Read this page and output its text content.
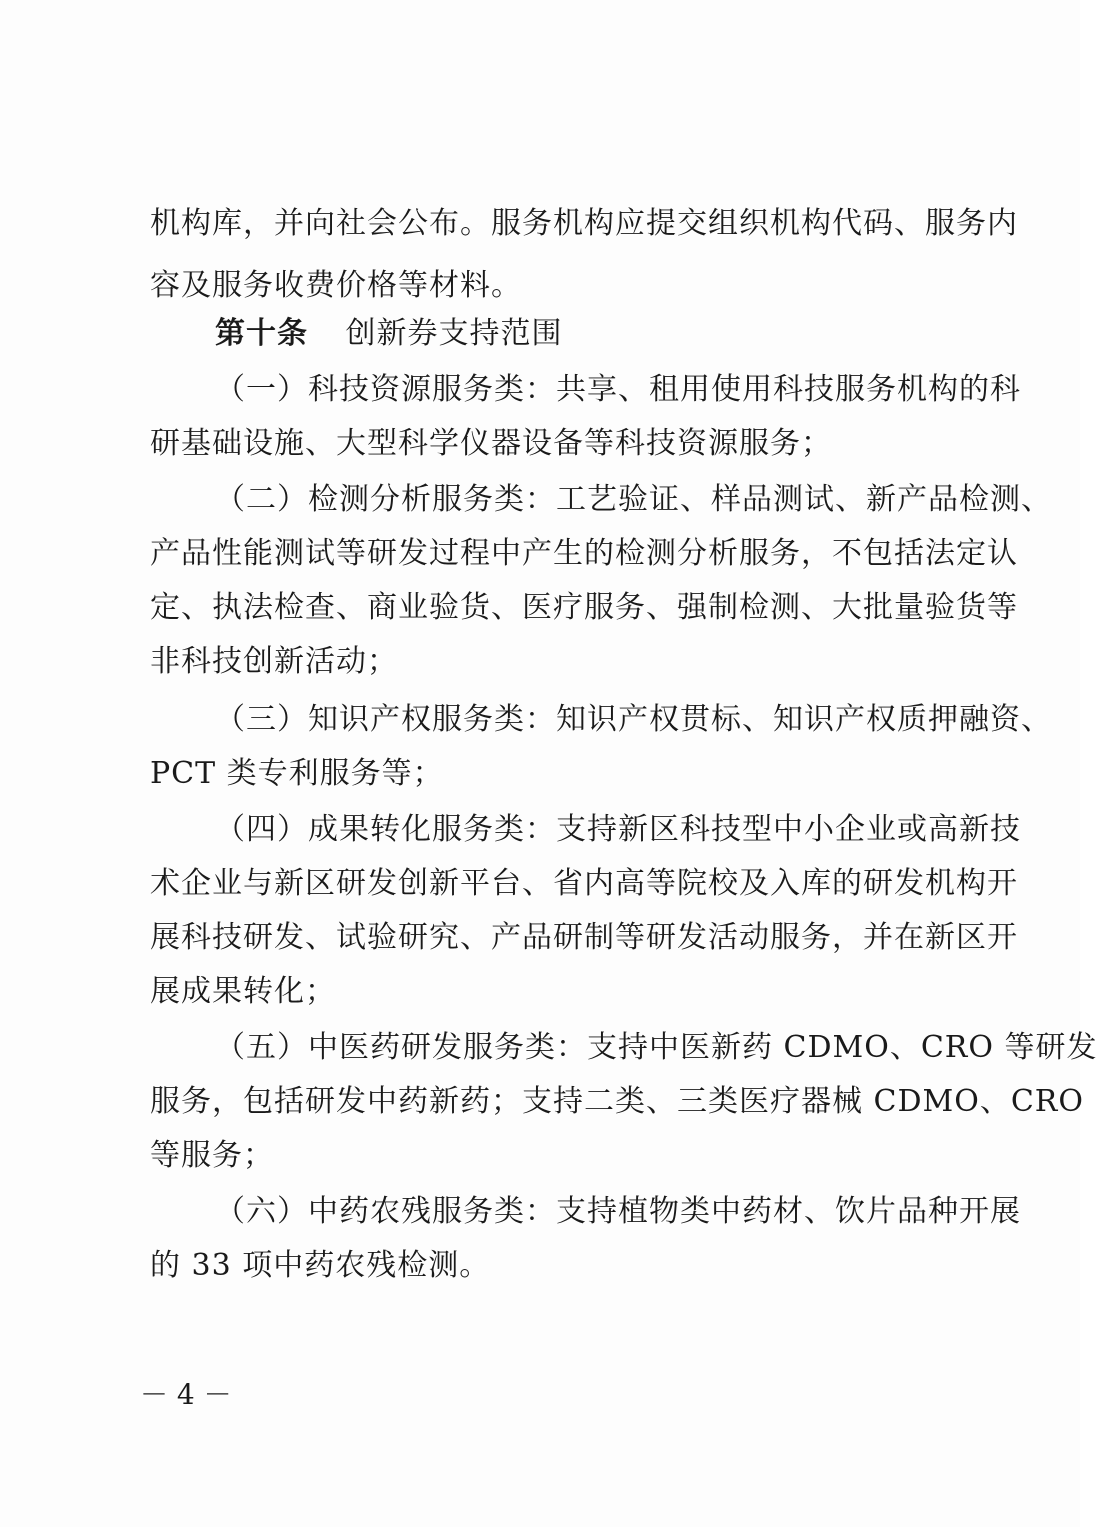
机构库，并向社会公布。服务机构应提交组织机构代码、服务内
容及服务收费价格等材料。
第十条 创新券支持范围
（一）科技资源服务类：共享、租用使用科技服务机构的科
研基础设施、大型科学仪器设备等科技资源服务；
（二）检测分析服务类：工艺验证、样品测试、新产品检测、
产品性能测试等研发过程中产生的检测分析服务，不包括法定认
定、执法检查、商业验货、医疗服务、强制检测、大批量验货等
非科技创新活动；
（三）知识产权服务类：知识产权贯标、知识产权质押融资、
PCT 类专利服务等；
（四）成果转化服务类：支持新区科技型中小企业或高新技
术企业与新区研发创新平台、省内高等院校及入库的研发机构开
展科技研发、试验研究、产品研制等研发活动服务，并在新区开
展成果转化；
（五）中医药研发服务类：支持中医新药 CDMO、CRO 等研发
服务，包括研发中药新药；支持二类、三类医疗器械 CDMO、CRO
等服务；
（六）中药农残服务类：支持植物类中药材、饮片品种开展
的 33 项中药农残检测。
－ 4 －
